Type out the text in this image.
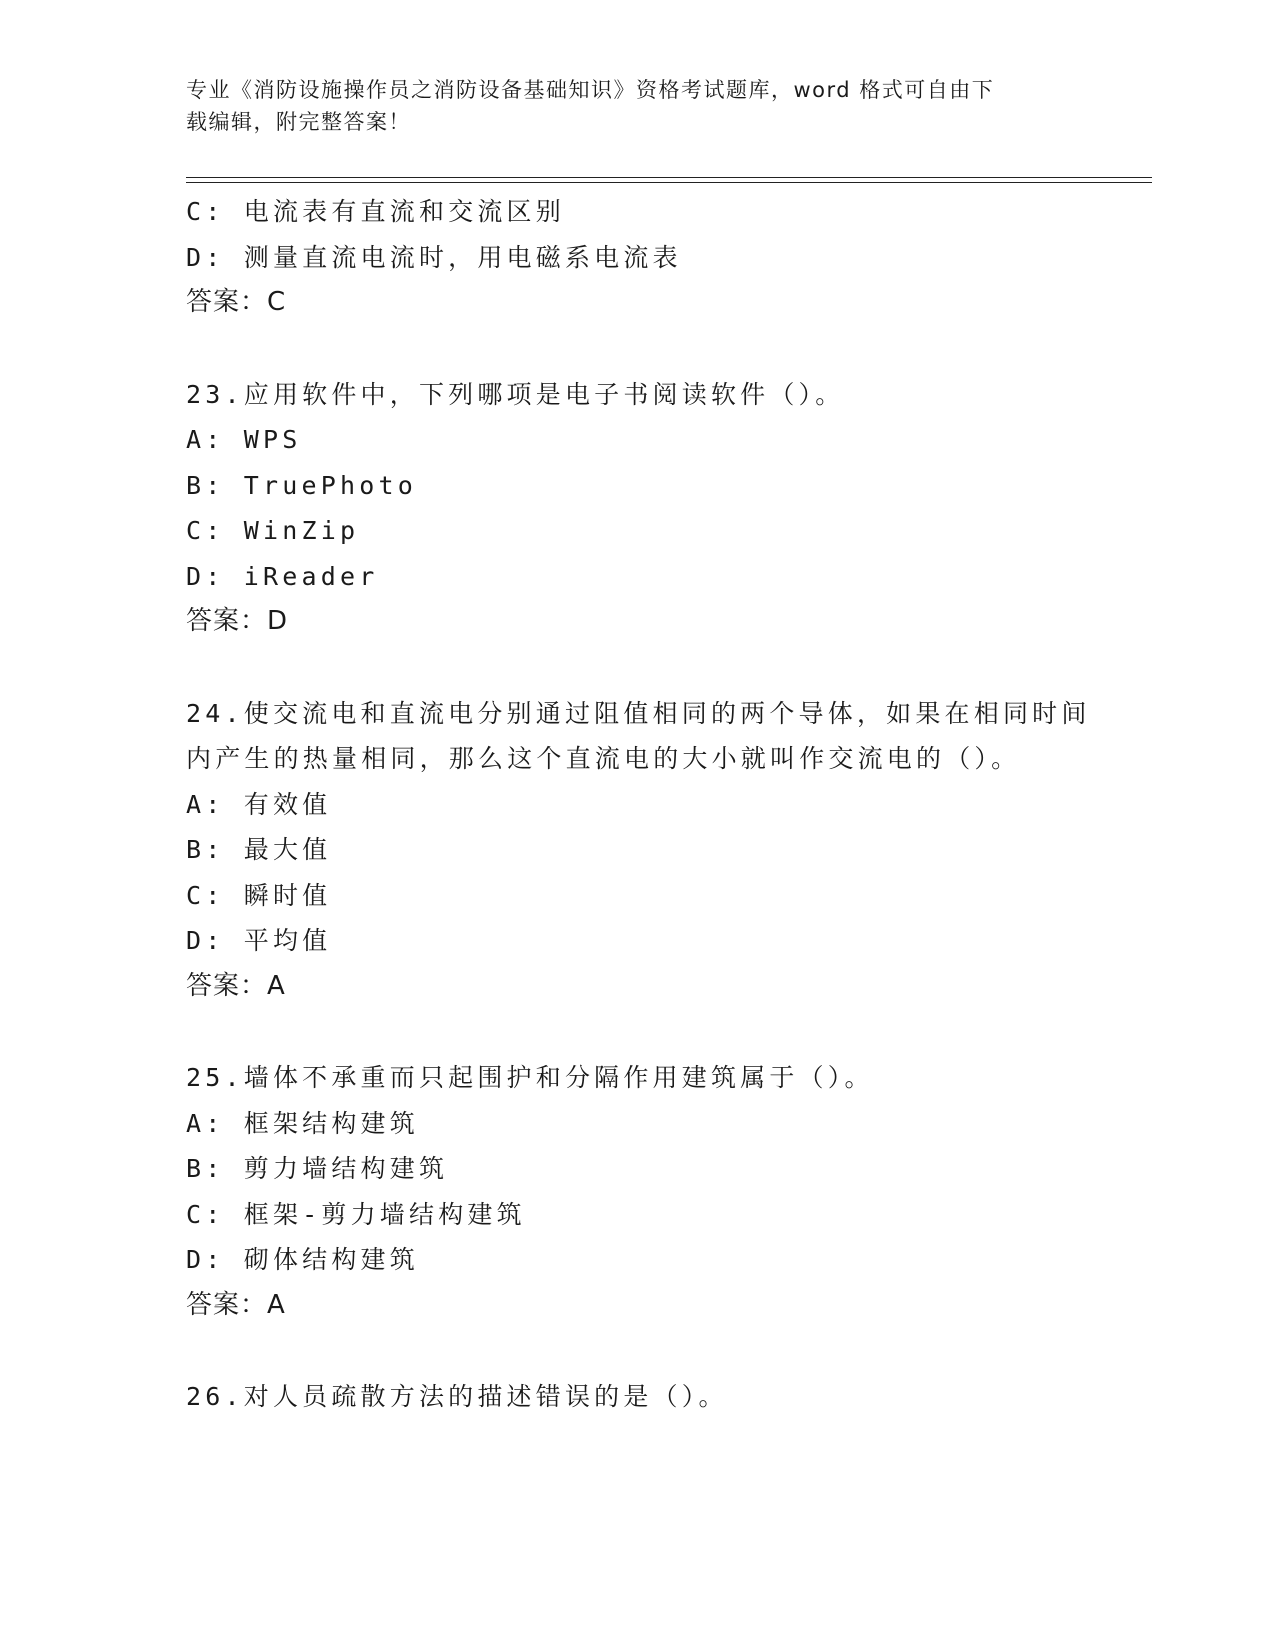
专业《消防设施操作员之消防设备基础知识》资格考试题库，word 格式可自由下
载编辑，附完整答案！
C: 电流表有直流和交流区别
D: 测量直流电流时，用电磁系电流表
答案：C
23.应用软件中，下列哪项是电子书阅读软件（）。
A: WPS
B: TruePhoto
C: WinZip
D: iReader
答案：D
24.使交流电和直流电分别通过阻值相同的两个导体，如果在相同时间
内产生的热量相同，那么这个直流电的大小就叫作交流电的（）。
A: 有效值
B: 最大值
C: 瞬时值
D: 平均值
答案：A
25.墙体不承重而只起围护和分隔作用建筑属于（）。
A: 框架结构建筑
B: 剪力墙结构建筑
C: 框架-剪力墙结构建筑
D: 砌体结构建筑
答案：A
26.对人员疏散方法的描述错误的是（）。
